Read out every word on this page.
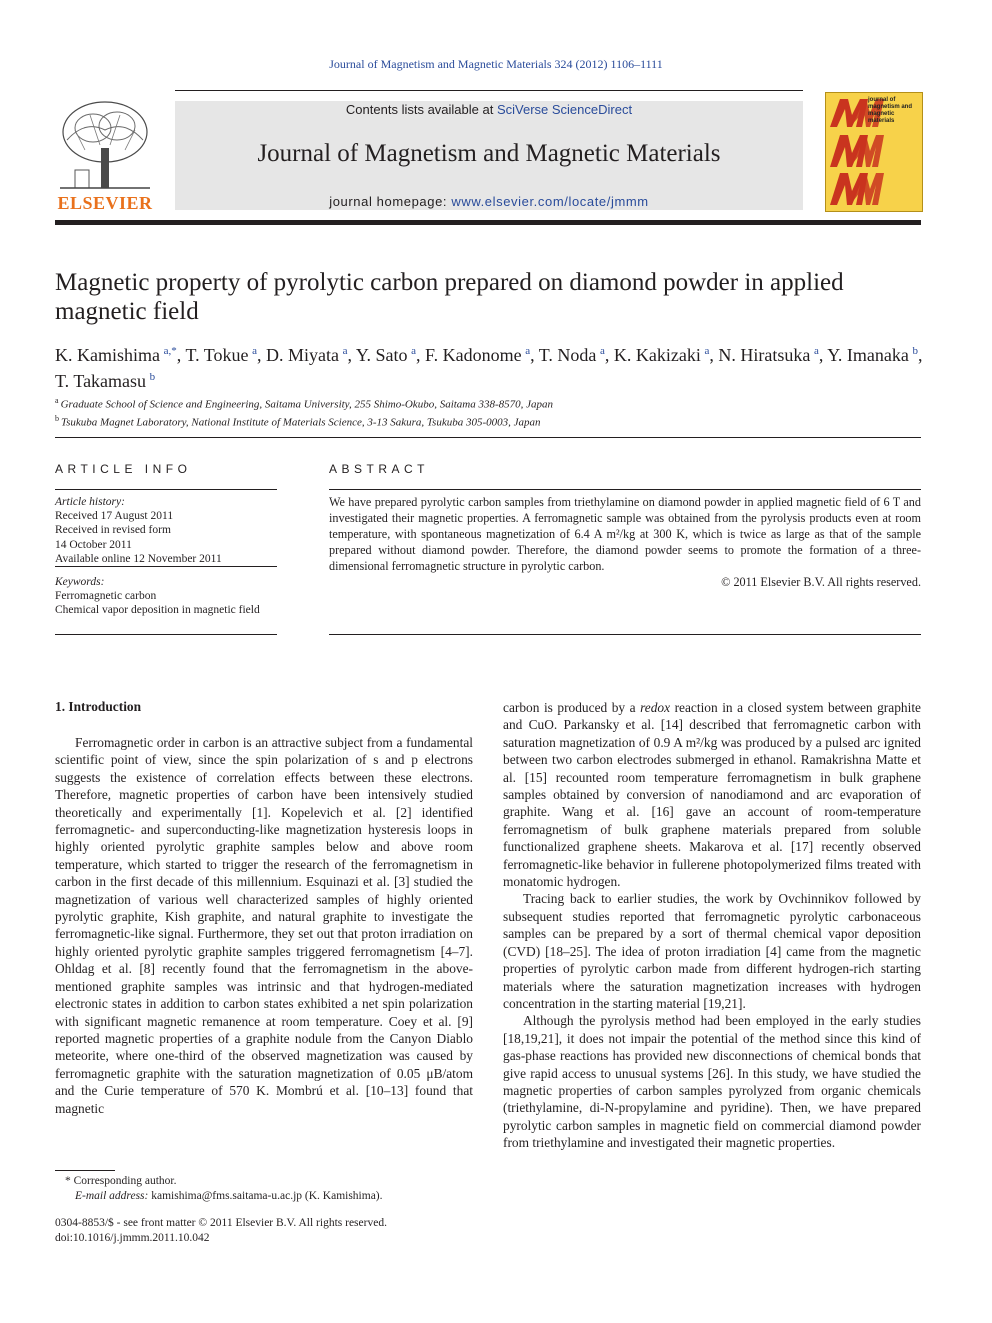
Journal of Magnetism and Magnetic Materials 324 (2012) 1106–1111
ELSEVIER
Contents lists available at SciVerse ScienceDirect
Journal of Magnetism and Magnetic Materials
journal homepage: www.elsevier.com/locate/jmmm
journal of magnetism and magnetic materials
Magnetic property of pyrolytic carbon prepared on diamond powder in applied magnetic field
K. Kamishima  $^{a,*}$, T. Tokue  $^a$, D. Miyata  $^a$, Y. Sato  $^a$, F. Kadonome  $^a$, T. Noda  $^a$, K. Kakizaki  $^a$, N. Hiratsuka  $^a$, Y. Imanaka  $^b$, T. Takamasu  $^b$
$^a$ Graduate School of Science and Engineering, Saitama University, 255 Shimo-Okubo, Saitama 338-8570, Japan
$^b$ Tsukuba Magnet Laboratory, National Institute of Materials Science, 3-13 Sakura, Tsukuba 305-0003, Japan
ARTICLE INFO
Article history:
Received 17 August 2011
Received in revised form
14 October 2011
Available online 12 November 2011
Keywords:
Ferromagnetic carbon
Chemical vapor deposition in magnetic field
ABSTRACT
We have prepared pyrolytic carbon samples from triethylamine on diamond powder in applied magnetic field of 6 T and investigated their magnetic properties. A ferromagnetic sample was obtained from the pyrolysis products even at room temperature, with spontaneous magnetization of 6.4 A m²/kg at 300 K, which is twice as large as that of the sample prepared without diamond powder. Therefore, the diamond powder seems to promote the formation of a three-dimensional ferromagnetic structure in pyrolytic carbon.
© 2011 Elsevier B.V. All rights reserved.
1. Introduction

Ferromagnetic order in carbon is an attractive subject from a fundamental scientific point of view, since the spin polarization of s and p electrons suggests the existence of correlation effects between these electrons. Therefore, magnetic properties of carbon have been intensively studied theoretically and experimentally [1]. Kopelevich et al. [2] identified ferromagnetic- and superconducting-like magnetization hysteresis loops in highly oriented pyrolytic graphite samples below and above room temperature, which started to trigger the research of the ferromagnetism in carbon in the first decade of this millennium. Esquinazi et al. [3] studied the magnetization of various well characterized samples of highly oriented pyrolytic graphite, Kish graphite, and natural graphite to investigate the ferromagnetic-like signal. Furthermore, they set out that proton irradiation on highly oriented pyrolytic graphite samples triggered ferromagnetism [4–7]. Ohldag et al. [8] recently found that the ferromagnetism in the above-mentioned graphite samples was intrinsic and that hydrogen-mediated electronic states in addition to carbon states exhibited a net spin polarization with significant magnetic remanence at room temperature. Coey et al. [9] reported magnetic properties of a graphite nodule from the Canyon Diablo meteorite, where one-third of the observed magnetization was caused by ferromagnetic graphite with the saturation magnetization of 0.05 μB/atom and the Curie temperature of 570 K. Mombrú et al. [10–13] found that magnetic

carbon is produced by a redox reaction in a closed system between graphite and CuO. Parkansky et al. [14] described that ferromagnetic carbon with saturation magnetization of 0.9 A m²/kg was produced by a pulsed arc ignited between two carbon electrodes submerged in ethanol. Ramakrishna Matte et al. [15] recounted room temperature ferromagnetism in bulk graphene samples obtained by conversion of nanodiamond and arc evaporation of graphite. Wang et al. [16] gave an account of room-temperature ferromagnetism of bulk graphene materials prepared from soluble functionalized graphene sheets. Makarova et al. [17] recently observed ferromagnetic-like behavior in fullerene photopolymerized films treated with monatomic hydrogen.

Tracing back to earlier studies, the work by Ovchinnikov followed by subsequent studies reported that ferromagnetic pyrolytic carbonaceous samples can be prepared by a sort of thermal chemical vapor deposition (CVD) [18–25]. The idea of proton irradiation [4] came from the magnetic properties of pyrolytic carbon made from different hydrogen-rich starting materials where the saturation magnetization increases with hydrogen concentration in the starting material [19,21].

Although the pyrolysis method had been employed in the early studies [18,19,21], it does not impair the potential of the method since this kind of gas-phase reactions has provided new disconnections of chemical bonds that give rapid access to unusual systems [26]. In this study, we have studied the magnetic properties of carbon samples pyrolyzed from organic chemicals (triethylamine, di-N-propylamine and pyridine). Then, we have prepared pyrolytic carbon samples in magnetic field on commercial diamond powder from triethylamine and investigated their magnetic properties.

* Corresponding author.
E-mail address: kamishima@fms.saitama-u.ac.jp (K. Kamishima).
0304-8853/$ - see front matter © 2011 Elsevier B.V. All rights reserved.
doi:10.1016/j.jmmm.2011.10.042
